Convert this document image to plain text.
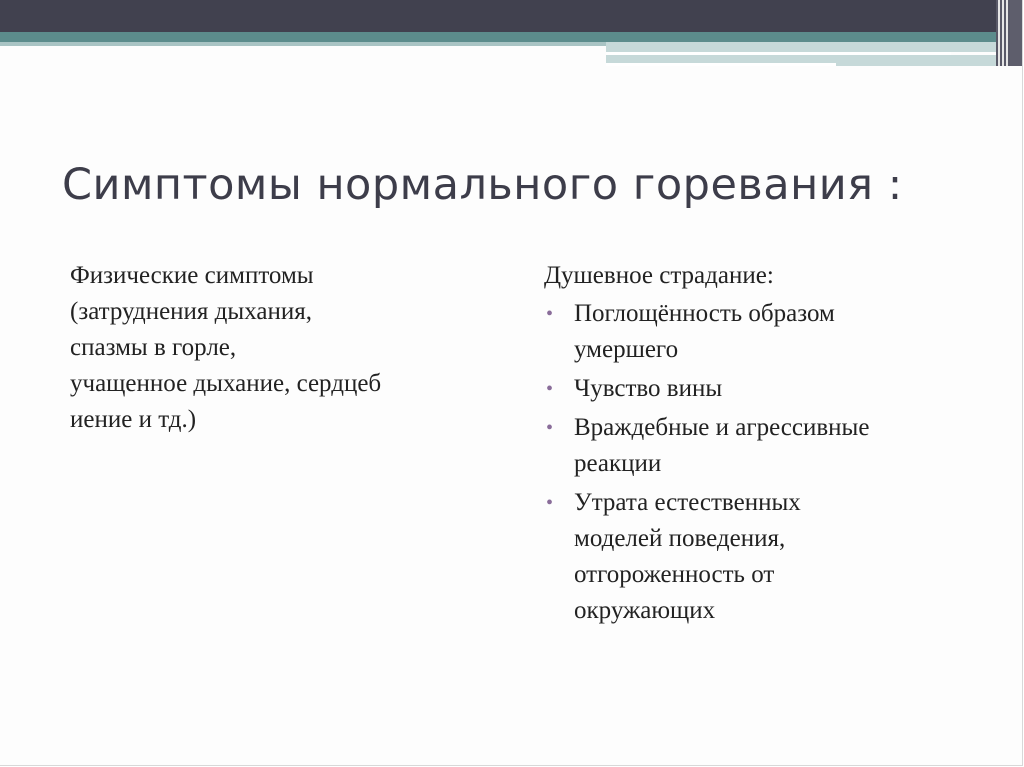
Симптомы нормального горевания :

Физические симптомы
(затруднения дыхания,
спазмы в горле,
учащенное дыхание, сердцеб
иение и тд.)

Душевное страдание:

• Поглощённость образом
умершего
• Чувство вины
• Враждебные и агрессивные
реакции
• Утрата естественных
моделей поведения,
отгороженность от
окружающих
